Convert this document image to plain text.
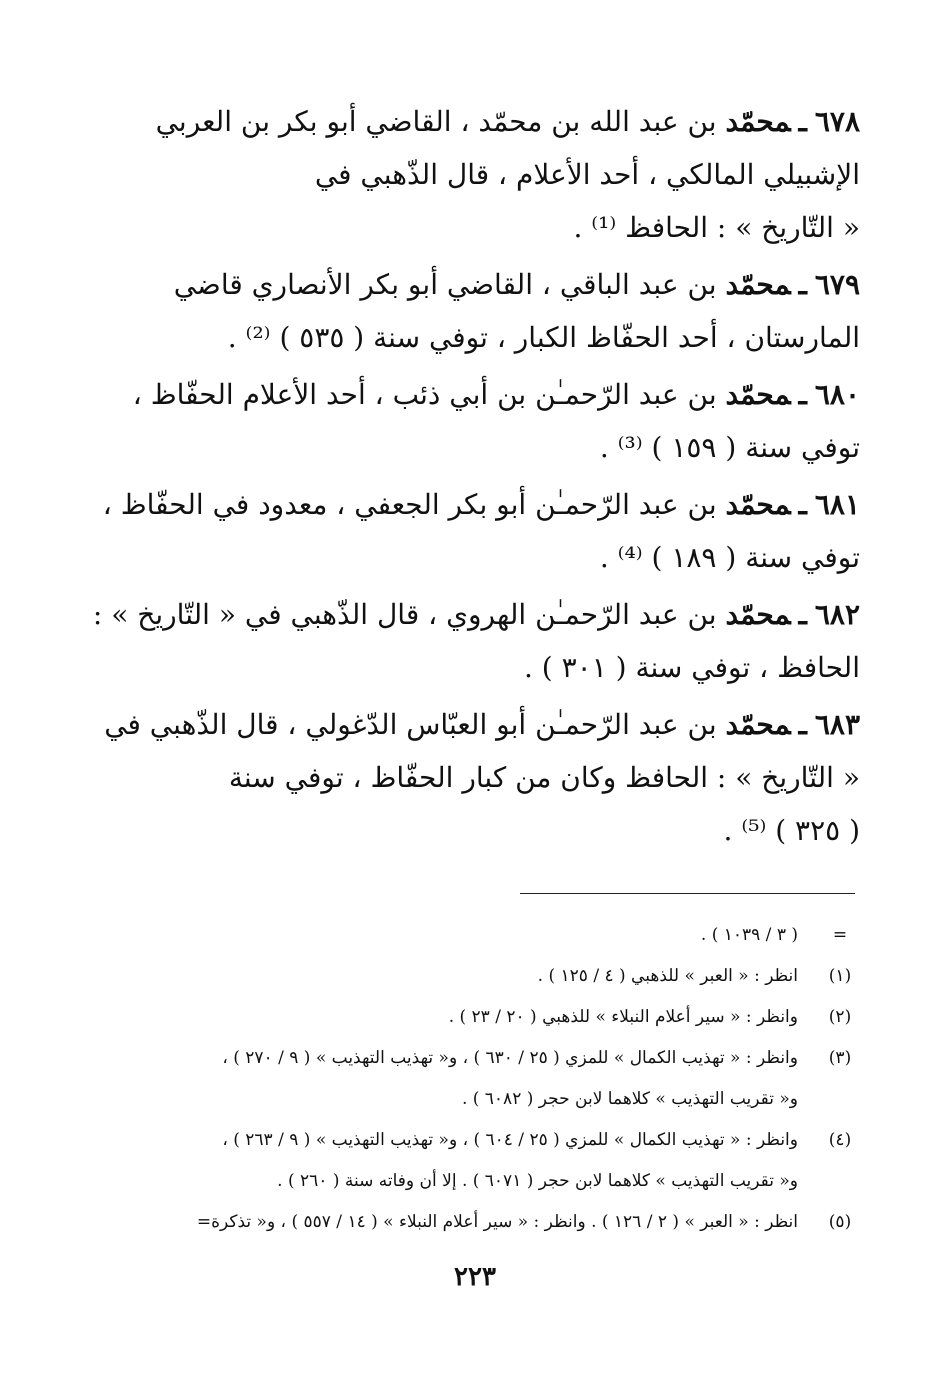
٦٧٨ـمحمّد بن عبد الله بن محمّد ، القاضي أبو بكر بن العربي
الإشبيلي المالكي ، أحد الأعلام ، قال الذّهبي في
« التّاريخ » : الحافظ ⁽¹⁾ .
٦٧٩ـمحمّد بن عبد الباقي ، القاضي أبو بكر الأنصاري قاضي
المارستان ، أحد الحفّاظ الكبار ، توفي سنة ( ٥٣٥ ) ⁽²⁾ .
٦٨٠ـمحمّد بن عبد الرّحمـٰن بن أبي ذئب ، أحد الأعلام الحفّاظ ،
توفي سنة ( ١٥٩ ) ⁽³⁾ .
٦٨١ـمحمّد بن عبد الرّحمـٰن أبو بكر الجعفي ، معدود في الحفّاظ ،
توفي سنة ( ١٨٩ ) ⁽⁴⁾ .
٦٨٢ـمحمّد بن عبد الرّحمـٰن الهروي ، قال الذّهبي في « التّاريخ » :
الحافظ ، توفي سنة ( ٣٠١ ) .
٦٨٣ـمحمّد بن عبد الرّحمـٰن أبو العبّاس الدّغولي ، قال الذّهبي في
« التّاريخ » : الحافظ وكان من كبار الحفّاظ ، توفي سنة
( ٣٢٥ ) ⁽⁵⁾ .
=
( ٣ / ١٠٣٩ ) .
(١)
انظر : « العبر » للذهبي ( ٤ / ١٢٥ ) .
(٢)
وانظر : « سير أعلام النبلاء » للذهبي ( ٢٠ / ٢٣ ) .
(٣)
وانظر : « تهذيب الكمال » للمزي ( ٢٥ / ٦٣٠ ) ، و« تهذيب التهذيب » ( ٩ / ٢٧٠ ) ،
و« تقريب التهذيب » كلاهما لابن حجر ( ٦٠٨٢ ) .
(٤)
وانظر : « تهذيب الكمال » للمزي ( ٢٥ / ٦٠٤ ) ، و« تهذيب التهذيب » ( ٩ / ٢٦٣ ) ،
و« تقريب التهذيب » كلاهما لابن حجر ( ٦٠٧١ ) . إلا أن وفاته سنة ( ٢٦٠ ) .
(٥)
انظر : « العبر » ( ٢ / ١٢٦ ) . وانظر : « سير أعلام النبلاء » ( ١٤ / ٥٥٧ ) ، و« تذكرة=
٢٢٣
